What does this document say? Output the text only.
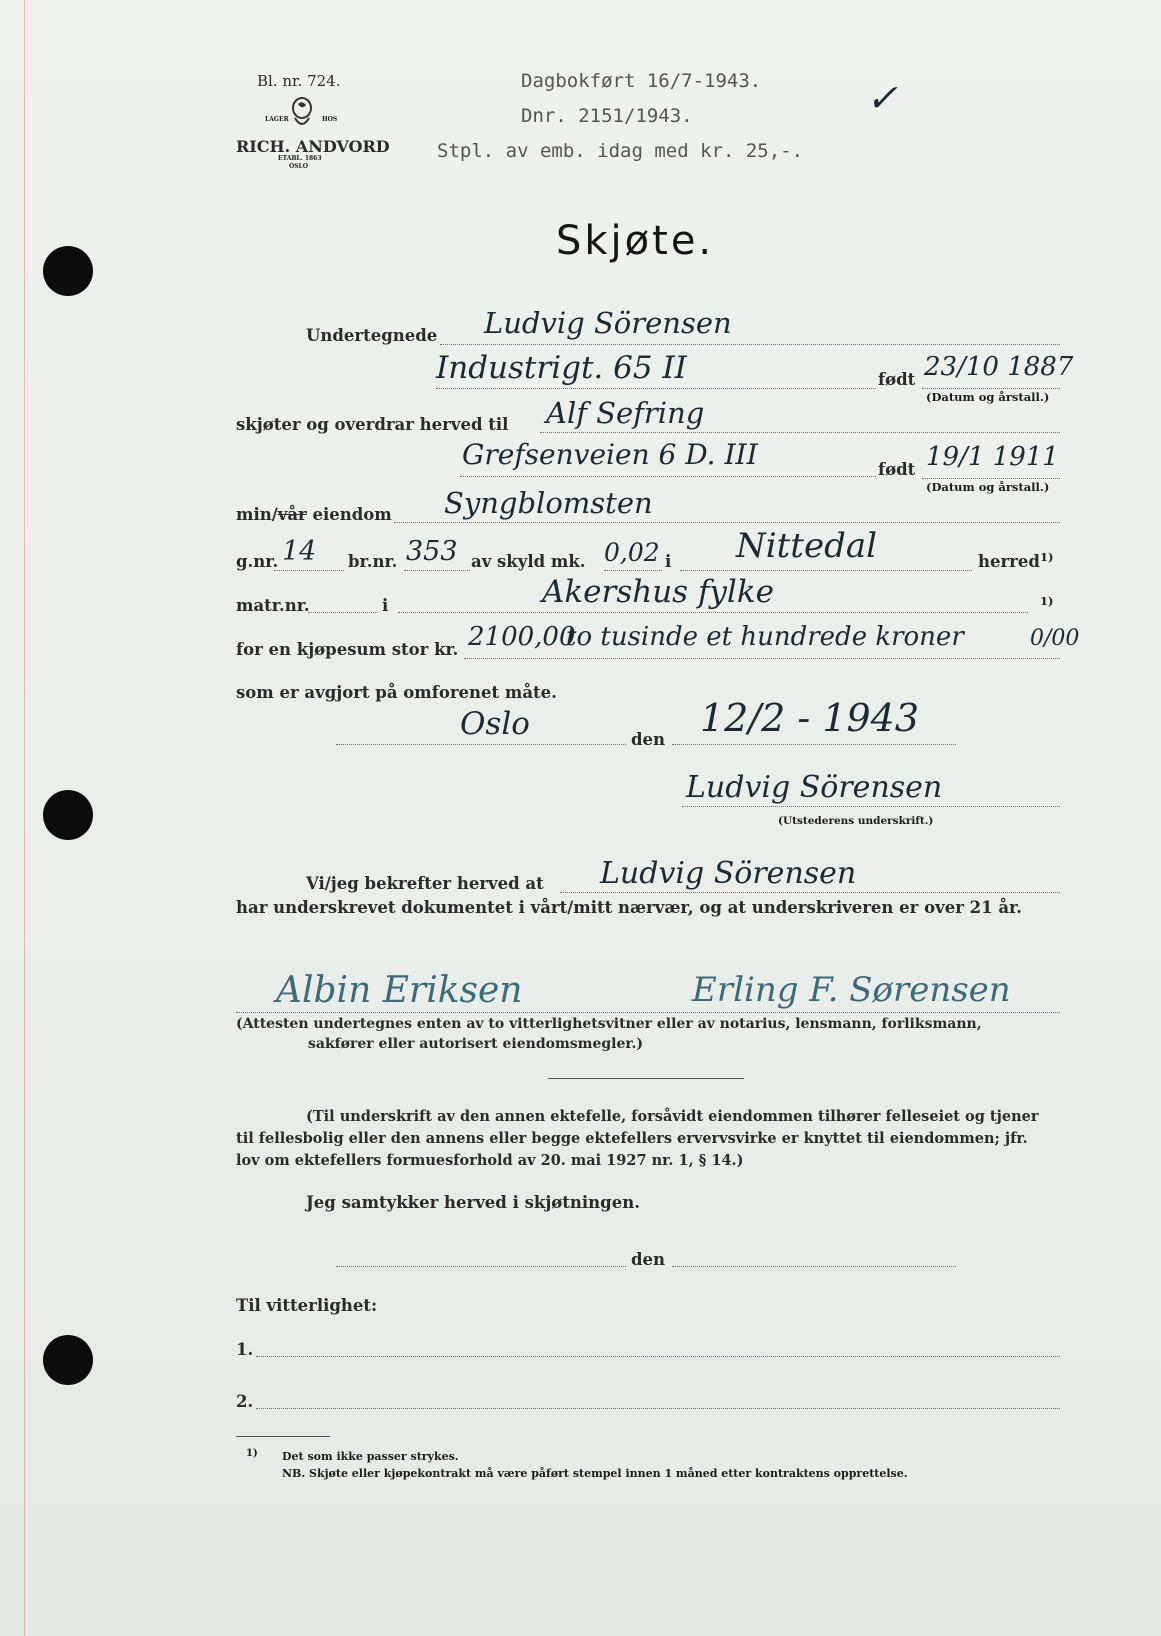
Bl. nr. 724.
LAGER	HOS
RICH. ANDVORD
ETABL. 1863
OSLO
Dagbokført 16/7-1943.
Dnr. 2151/1943.
Stpl. av emb. idag med kr. 25,-.
✓
Skjøte.
Undertegnede Ludvig Sörensen
Industrigt. 65 II	født 23/10 1887
(Datum og årstall.)
skjøter og overdrar herved til Alf Sefring
Grefsenveien 6 D. III	født 19/1 1911
(Datum og årstall.)
min/vår eiendom Syngblomsten
g.nr. 14 br.nr. 353 av skyld mk. 0,02 i Nittedal	herred 1)
matr.nr.	i	Akershus fylke	1)
for en kjøpesum stor kr. 2100,00
to tusinde et hundrede kroner	0/00
som er avgjort på omforenet måte.
Oslo	den 12/2 - 1943
Ludvig Sörensen
(Utstederens underskrift.)
Vi/jeg bekrefter herved at Ludvig Sörensen
har underskrevet dokumentet i vårt/mitt nærvær, og at underskriveren er over 21 år.
Albin Eriksen	Erling F. Sørensen
(Attesten undertegnes enten av to vitterlighetsvitner eller av notarius, lensmann, forliksmann,
sakfører eller autorisert eiendomsmegler.)
(Til underskrift av den annen ektefelle, forsåvidt eiendommen tilhører felleseiet og tjener
til fellesbolig eller den annens eller begge ektefellers ervervsvirke er knyttet til eiendommen; jfr.
lov om ektefellers formuesforhold av 20. mai 1927 nr. 1, § 14.)
Jeg samtykker herved i skjøtningen.
den
Til vitterlighet:
1.
2.
1) Det som ikke passer strykes.
NB. Skjøte eller kjøpekontrakt må være påført stempel innen 1 måned etter kontraktens opprettelse.
